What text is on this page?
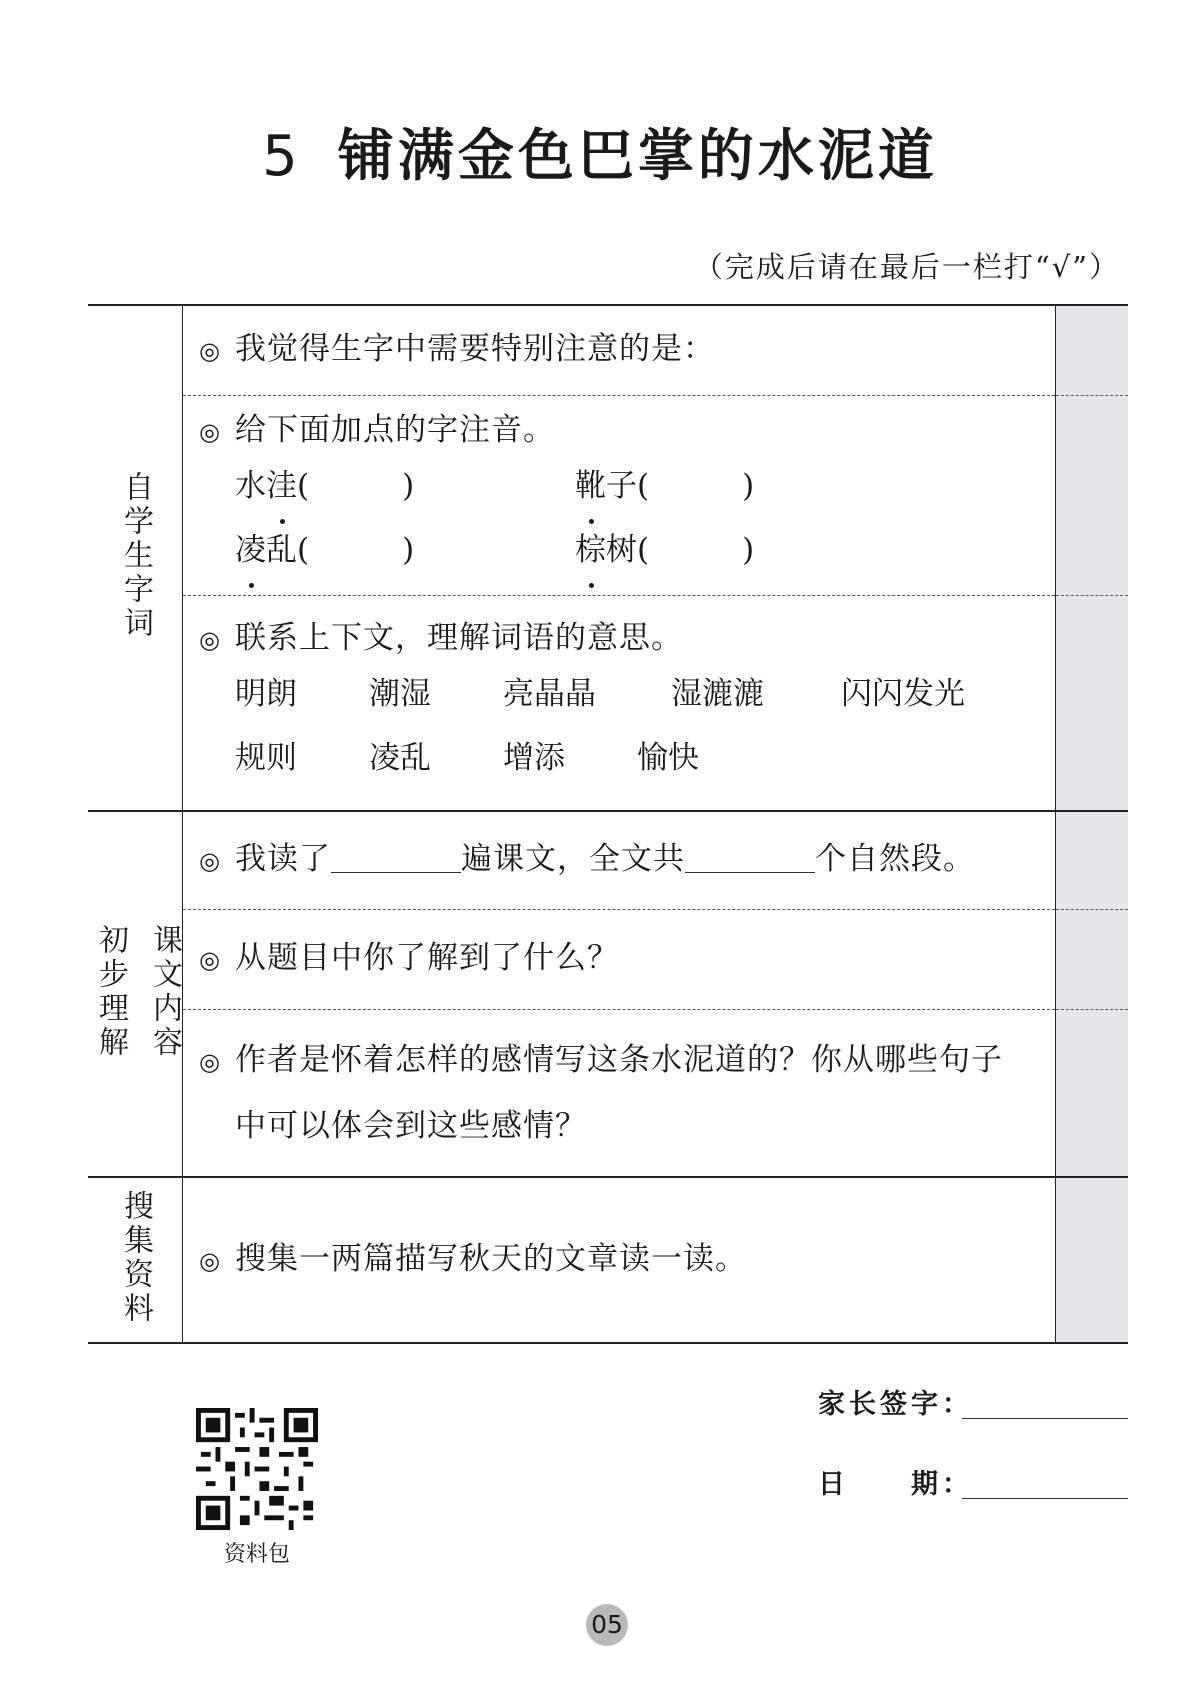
5 铺满金色巴掌的水泥道
（完成后请在最后一栏打“√”）
自学生字词	◎ 我觉得生字中需要特别注意的是：	

	◎ 给下面加点的字注音。
水洼(　　　) 靴子(　　　)
凌乱(　　　) 棕树(　　　)	

	◎ 联系上下文，理解词语的意思。
明朗 潮湿 亮晶晶 湿漉漉 闪闪发光
规则 凌乱 增添 愉快	

课文内容
初步理解	◎ 我读了 遍课文，全文共 个自然段。	

	◎ 从题目中你了解到了什么？	

	◎ 作者是怀着怎样的感情写这条水泥道的？你从哪些句子
中可以体会到这些感情？	

搜集资料	◎ 搜集一两篇描写秋天的文章读一读。	

资料包
家长签字：
日　　期：
05
